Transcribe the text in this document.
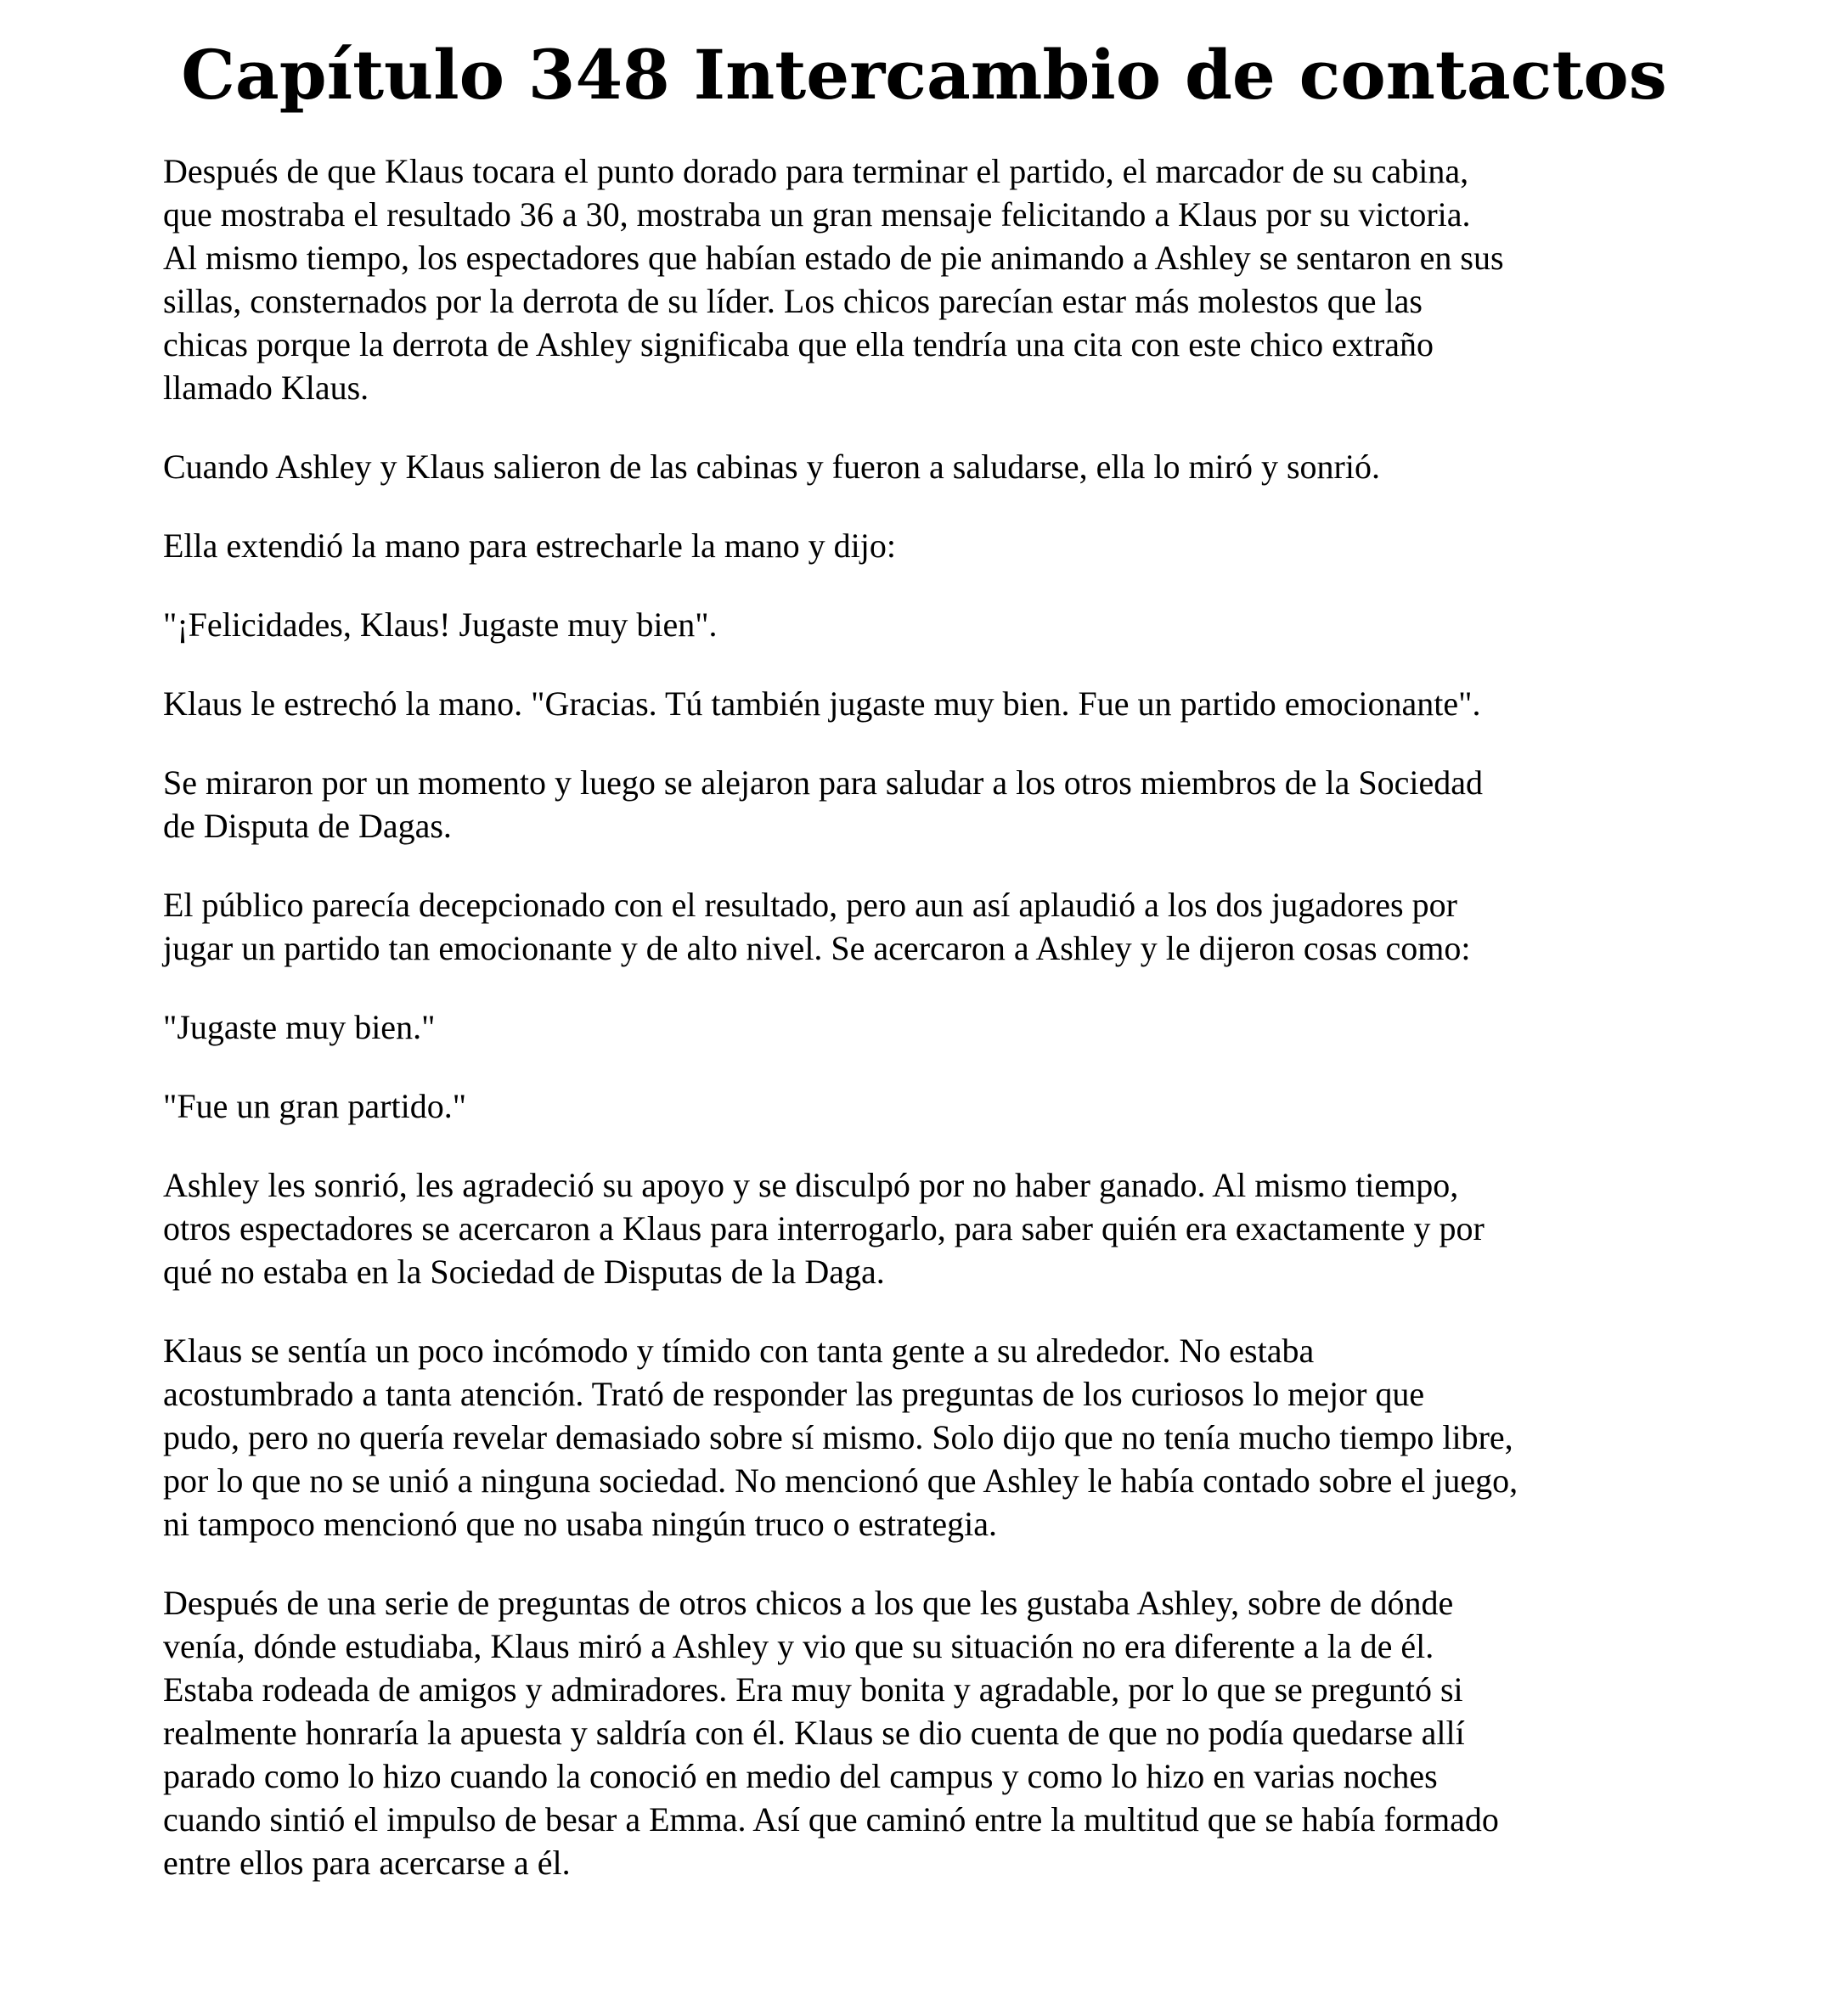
Capítulo 348 Intercambio de contactos

Después de que Klaus tocara el punto dorado para terminar el partido, el marcador de su cabina,
que mostraba el resultado 36 a 30, mostraba un gran mensaje felicitando a Klaus por su victoria.
Al mismo tiempo, los espectadores que habían estado de pie animando a Ashley se sentaron en sus
sillas, consternados por la derrota de su líder. Los chicos parecían estar más molestos que las
chicas porque la derrota de Ashley significaba que ella tendría una cita con este chico extraño
llamado Klaus.

Cuando Ashley y Klaus salieron de las cabinas y fueron a saludarse, ella lo miró y sonrió.

Ella extendió la mano para estrecharle la mano y dijo:

"¡Felicidades, Klaus! Jugaste muy bien".

Klaus le estrechó la mano. "Gracias. Tú también jugaste muy bien. Fue un partido emocionante".

Se miraron por un momento y luego se alejaron para saludar a los otros miembros de la Sociedad
de Disputa de Dagas.

El público parecía decepcionado con el resultado, pero aun así aplaudió a los dos jugadores por
jugar un partido tan emocionante y de alto nivel. Se acercaron a Ashley y le dijeron cosas como:

"Jugaste muy bien."

"Fue un gran partido."

Ashley les sonrió, les agradeció su apoyo y se disculpó por no haber ganado. Al mismo tiempo,
otros espectadores se acercaron a Klaus para interrogarlo, para saber quién era exactamente y por
qué no estaba en la Sociedad de Disputas de la Daga.

Klaus se sentía un poco incómodo y tímido con tanta gente a su alrededor. No estaba
acostumbrado a tanta atención. Trató de responder las preguntas de los curiosos lo mejor que
pudo, pero no quería revelar demasiado sobre sí mismo. Solo dijo que no tenía mucho tiempo libre,
por lo que no se unió a ninguna sociedad. No mencionó que Ashley le había contado sobre el juego,
ni tampoco mencionó que no usaba ningún truco o estrategia.

Después de una serie de preguntas de otros chicos a los que les gustaba Ashley, sobre de dónde
venía, dónde estudiaba, Klaus miró a Ashley y vio que su situación no era diferente a la de él.
Estaba rodeada de amigos y admiradores. Era muy bonita y agradable, por lo que se preguntó si
realmente honraría la apuesta y saldría con él. Klaus se dio cuenta de que no podía quedarse allí
parado como lo hizo cuando la conoció en medio del campus y como lo hizo en varias noches
cuando sintió el impulso de besar a Emma. Así que caminó entre la multitud que se había formado
entre ellos para acercarse a él.
